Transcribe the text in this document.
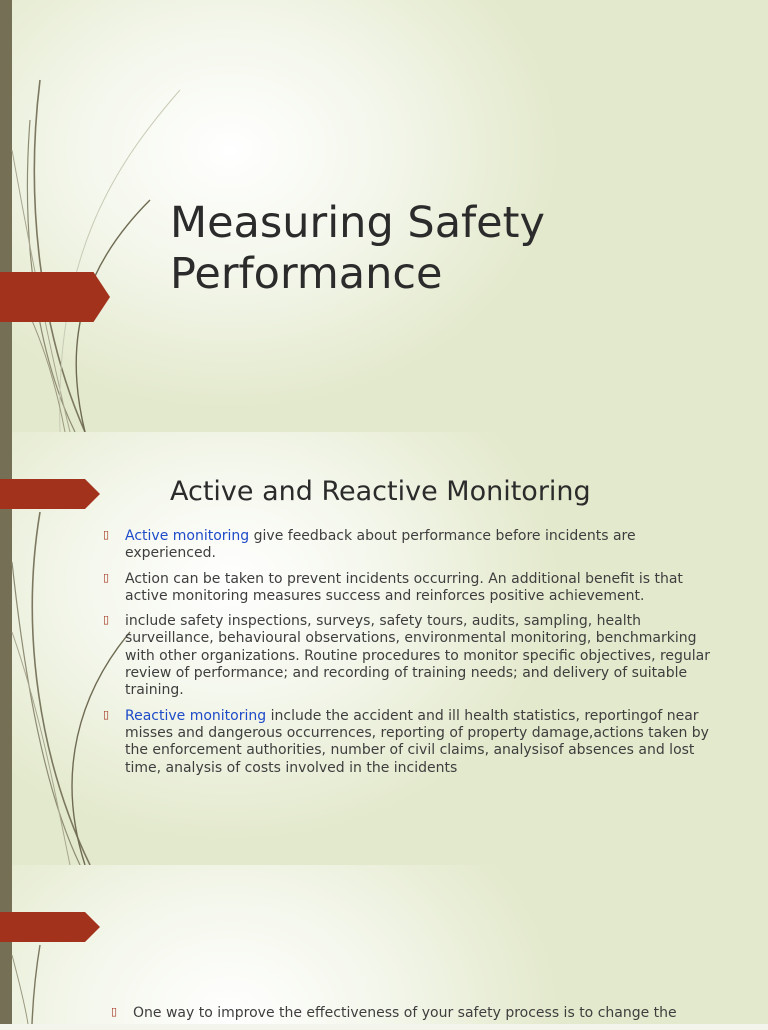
Measuring Safety
Performance
Active and Reactive Monitoring
▯ Active monitoring give feedback about performance before incidents are experienced.
▯ Action can be taken to prevent incidents occurring. An additional benefit is that active monitoring measures success and reinforces positive achievement.
▯ include safety inspections, surveys, safety tours, audits, sampling, health surveillance, behavioural observations, environmental monitoring, benchmarking with other organizations. Routine procedures to monitor specific objectives, regular review of performance; and recording of training needs; and delivery of suitable training.
▯ Reactive monitoring include the accident and ill health statistics, reportingof near misses and dangerous occurrences, reporting of property damage,actions taken by the enforcement authorities, number of civil claims, analysisof absences and lost time, analysis of costs involved in the incidents
▯ One way to improve the effectiveness of your safety process is to change the
